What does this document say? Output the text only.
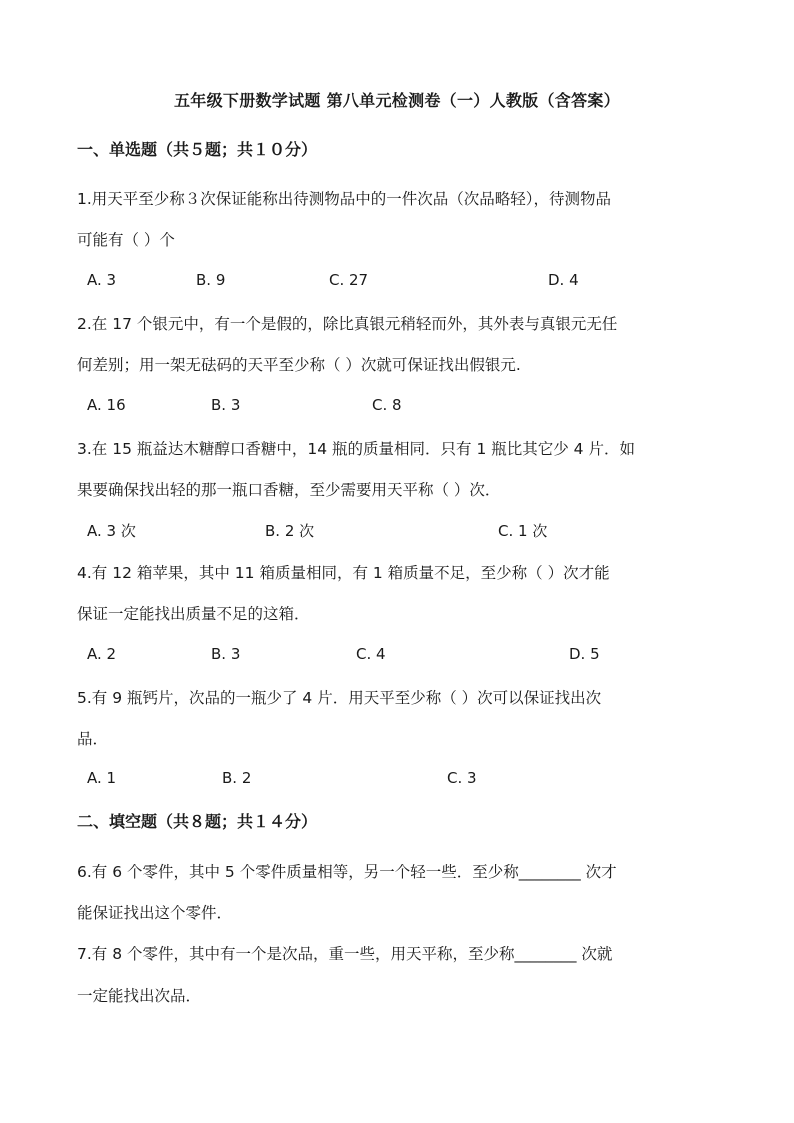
五年级下册数学试题 第八单元检测卷（一）人教版（含答案）
一、单选题（共５题；共１０分）
1.用天平至少称３次保证能称出待测物品中的一件次品（次品略轻），待测物品
可能有（ ）个
A. 3	B. 9	C. 27	D. 4
2.在 17 个银元中，有一个是假的，除比真银元稍轻而外，其外表与真银元无任
何差别；用一架无砝码的天平至少称（ ）次就可保证找出假银元.
A. 16	B. 3	C. 8
3.在 15 瓶益达木糖醇口香糖中，14 瓶的质量相同．只有 1 瓶比其它少 4 片．如
果要确保找出轻的那一瓶口香糖，至少需要用天平称（ ）次．
A. 3 次	B. 2 次	C. 1 次
4.有 12 箱苹果，其中 11 箱质量相同，有 1 箱质量不足，至少称（ ）次才能
保证一定能找出质量不足的这箱．
A. 2	B. 3	C. 4	D. 5
5.有 9 瓶钙片，次品的一瓶少了 4 片．用天平至少称（ ）次可以保证找出次
品．
A. 1	B. 2	C. 3
二、填空题（共８题；共１４分）
6.有 6 个零件，其中 5 个零件质量相等，另一个轻一些．至少称________ 次才
能保证找出这个零件．
7.有 8 个零件，其中有一个是次品，重一些，用天平称，至少称________ 次就
一定能找出次品．
